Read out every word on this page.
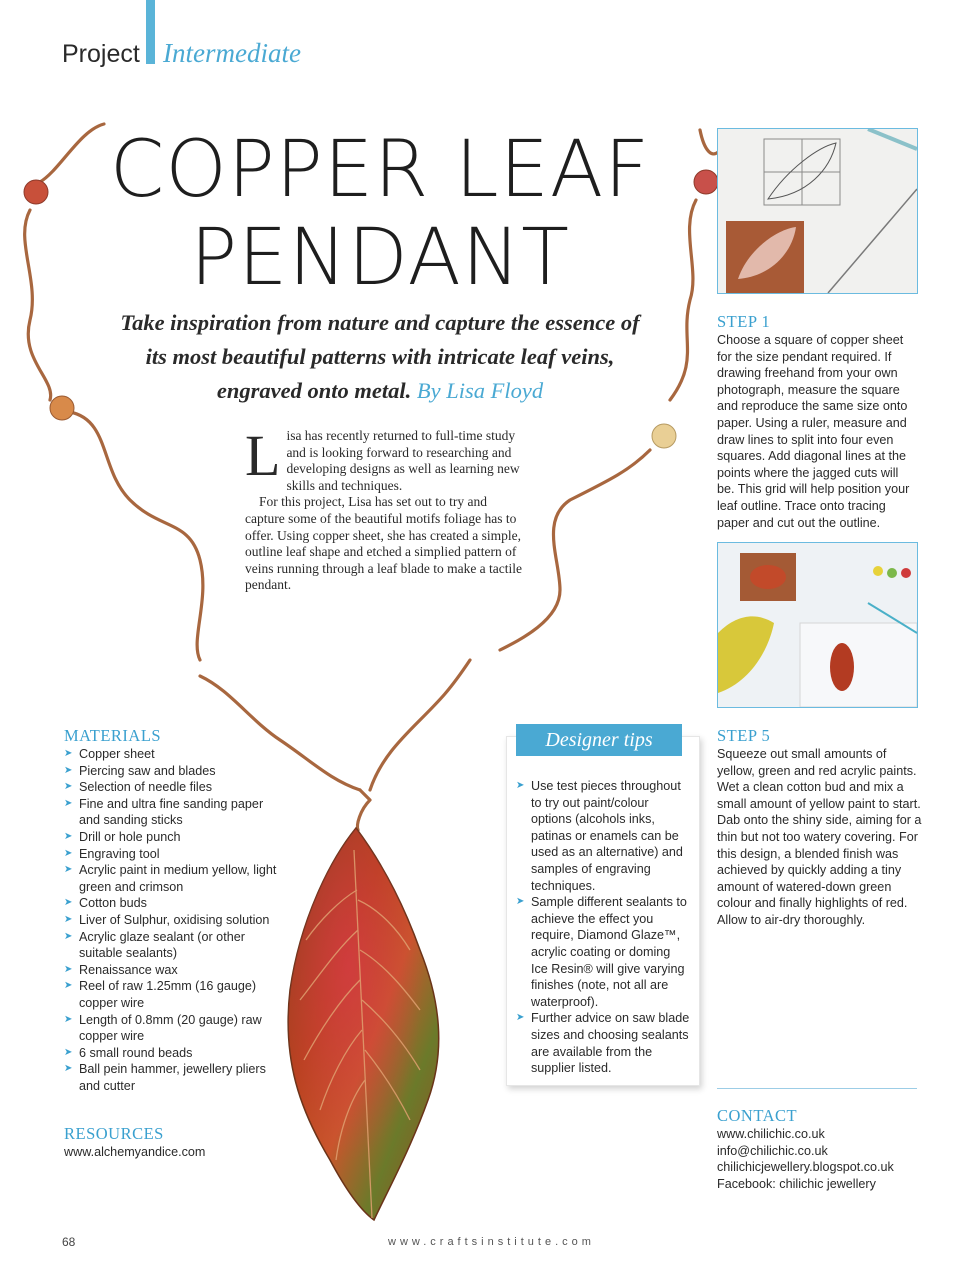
Project Intermediate
COPPER LEAF
PENDANT
Take inspiration from nature and capture the essence of its most beautiful patterns with intricate leaf veins, engraved onto metal. By Lisa Floyd

Lisa has recently returned to full-time study and is looking forward to researching and developing designs as well as learning new skills and techniques.

For this project, Lisa has set out to try and capture some of the beautiful motifs foliage has to offer. Using copper sheet, she has created a simple, outline leaf shape and etched a simplied pattern of veins running through a leaf blade to make a tactile pendant.

STEP 1
Choose a square of copper sheet for the size pendant required. If drawing freehand from your own photograph, measure the square and reproduce the same size onto paper. Using a ruler, measure and draw lines to split into four even squares. Add diagonal lines at the points where the jagged cuts will be. This grid will help position your leaf outline. Trace onto tracing paper and cut out the outline.
STEP 5
Squeeze out small amounts of yellow, green and red acrylic paints. Wet a clean cotton bud and mix a small amount of yellow paint to start. Dab onto the shiny side, aiming for a thin but not too watery covering. For this design, a blended finish was achieved by quickly adding a tiny amount of watered-down green colour and finally highlights of red. Allow to air-dry thoroughly.
MATERIALS
➤ Copper sheet
➤ Piercing saw and blades
➤ Selection of needle files
➤ Fine and ultra fine sanding paper and sanding sticks
➤ Drill or hole punch
➤ Engraving tool
➤ Acrylic paint in medium yellow, light green and crimson
➤ Cotton buds
➤ Liver of Sulphur, oxidising solution
➤ Acrylic glaze sealant (or other suitable sealants)
➤ Renaissance wax
➤ Reel of raw 1.25mm (16 gauge) copper wire
➤ Length of 0.8mm (20 gauge) raw copper wire
➤ 6 small round beads
➤ Ball pein hammer, jewellery pliers and cutter
RESOURCES
www.alchemyandice.com
Designer tips
➤ Use test pieces throughout to try out paint/colour options (alcohols inks, patinas or enamels can be used as an alternative) and samples of engraving techniques.
➤ Sample different sealants to achieve the effect you require, Diamond Glaze™, acrylic coating or doming Ice Resin® will give varying finishes (note, not all are waterproof).
➤ Further advice on saw blade sizes and choosing sealants are available from the supplier listed.
CONTACT
www.chilichic.co.uk
info@chilichic.co.uk
chilichicjewellery.blogspot.co.uk
Facebook: chilichic jewellery
68	www.craftsinstitute.com
